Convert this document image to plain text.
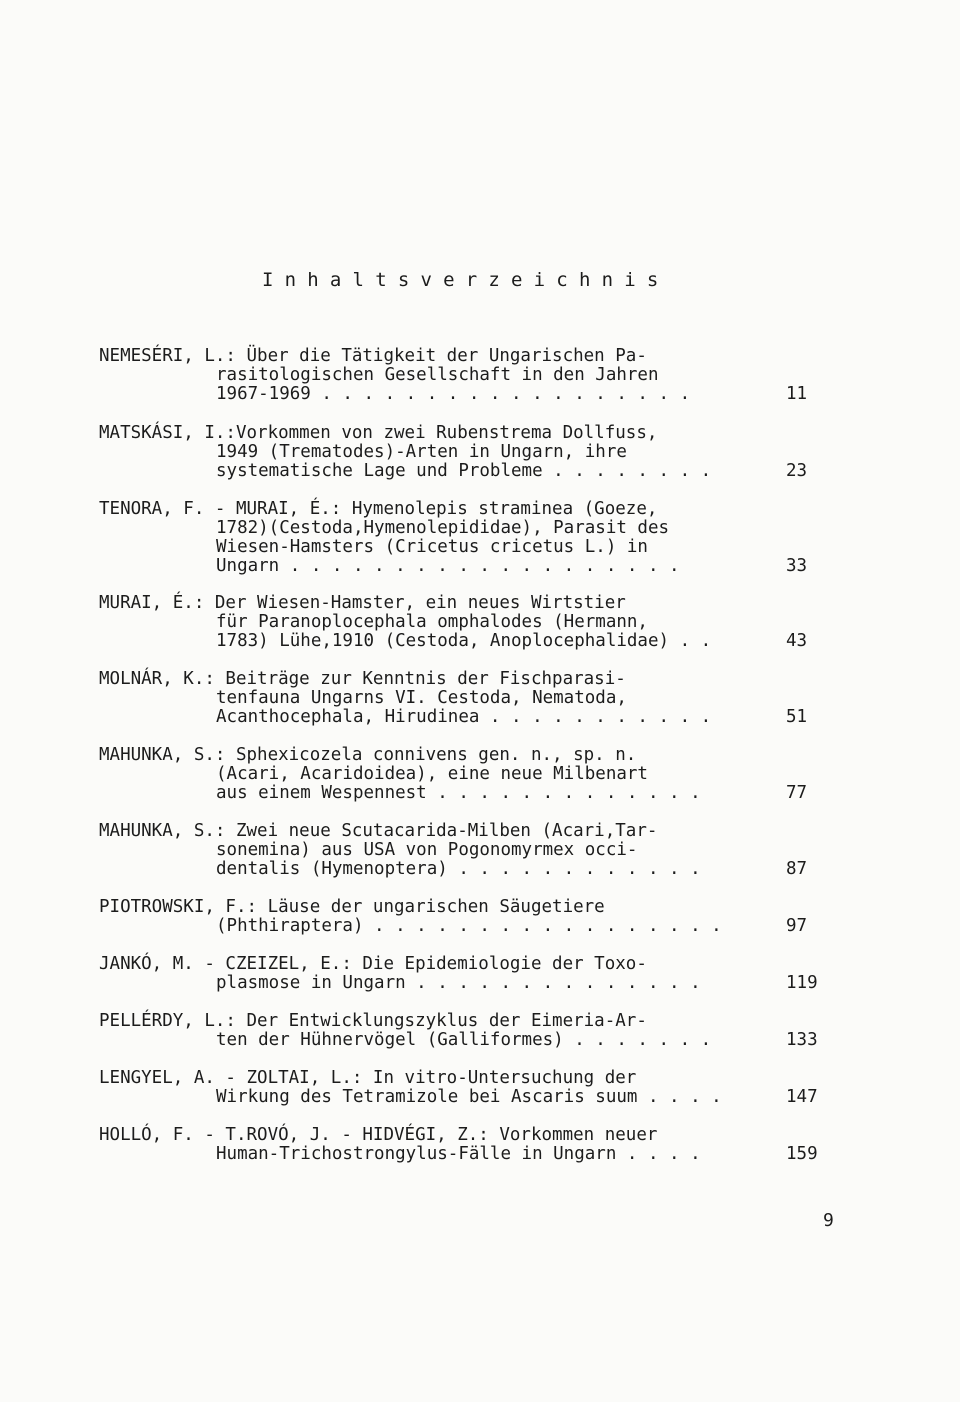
Inhaltsverzeichnis
NEMESÉRI, L.: Über die Tätigkeit der Ungarischen Pa-
rasitologischen Gesellschaft in den Jahren
1967-1969 . . . . . . . . . . . . . . . . . .	11
MATSKÁSI, I.:Vorkommen von zwei Rubenstrema Dollfuss,
1949 (Trematodes)-Arten in Ungarn, ihre
systematische Lage und Probleme . . . . . . . .	23
TENORA, F. - MURAI, É.: Hymenolepis straminea (Goeze,
1782)(Cestoda,Hymenolepididae), Parasit des
Wiesen-Hamsters (Cricetus cricetus L.) in
Ungarn . . . . . . . . . . . . . . . . . . .	33
MURAI, É.: Der Wiesen-Hamster, ein neues Wirtstier
für Paranoplocephala omphalodes (Hermann,
1783) Lühe,1910 (Cestoda, Anoplocephalidae) . .	43
MOLNÁR, K.: Beiträge zur Kenntnis der Fischparasi-
tenfauna Ungarns VI. Cestoda, Nematoda,
Acanthocephala, Hirudinea . . . . . . . . . . .	51
MAHUNKA, S.: Sphexicozela connivens gen. n., sp. n.
(Acari, Acaridoidea), eine neue Milbenart
aus einem Wespennest . . . . . . . . . . . . .	77
MAHUNKA, S.: Zwei neue Scutacarida-Milben (Acari,Tar-
sonemina) aus USA von Pogonomyrmex occi-
dentalis (Hymenoptera) . . . . . . . . . . . .	87
PIOTROWSKI, F.: Läuse der ungarischen Säugetiere
(Phthiraptera) . . . . . . . . . . . . . . . . .	97
JANKÓ, M. - CZEIZEL, E.: Die Epidemiologie der Toxo-
plasmose in Ungarn . . . . . . . . . . . . . .	119
PELLÉRDY, L.: Der Entwicklungszyklus der Eimeria-Ar-
ten der Hühnervögel (Galliformes) . . . . . . .	133
LENGYEL, A. - ZOLTAI, L.: In vitro-Untersuchung der
Wirkung des Tetramizole bei Ascaris suum . . . .	147
HOLLÓ, F. - T.ROVÓ, J. - HIDVÉGI, Z.: Vorkommen neuer
Human-Trichostrongylus-Fälle in Ungarn . . . .	159
9
